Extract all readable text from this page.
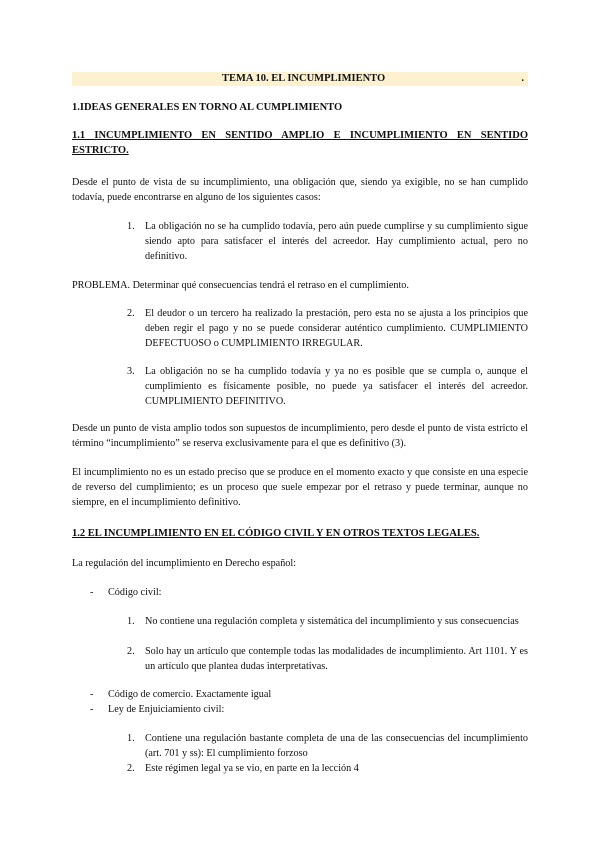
TEMA 10. EL INCUMPLIMIENTO	.
1.IDEAS GENERALES EN TORNO AL CUMPLIMIENTO
1.1 INCUMPLIMIENTO EN SENTIDO AMPLIO E INCUMPLIMIENTO EN SENTIDO ESTRICTO.
Desde el punto de vista de su incumplimiento, una obligación que, siendo ya exigible, no se han cumplido todavía, puede encontrarse en alguno de los siguientes casos:
1. La obligación no se ha cumplido todavía, pero aún puede cumplirse y su cumplimiento sigue siendo apto para satisfacer el interés del acreedor. Hay cumplimiento actual, pero no definitivo.
PROBLEMA. Determinar qué consecuencias tendrá el retraso en el cumplimiento.
2. El deudor o un tercero ha realizado la prestación, pero esta no se ajusta a los principios que deben regir el pago y no se puede considerar auténtico cumplimiento. CUMPLIMIENTO DEFECTUOSO o CUMPLIMIENTO IRREGULAR.
3. La obligación no se ha cumplido todavía y ya no es posible que se cumpla o, aunque el cumplimiento es físicamente posible, no puede ya satisfacer el interés del acreedor. CUMPLIMIENTO DEFINITIVO.
Desde un punto de vista amplio todos son supuestos de incumplimiento, pero desde el punto de vista estricto el término “incumplimiento” se reserva exclusivamente para el que es definitivo (3).
El incumplimiento no es un estado preciso que se produce en el momento exacto y que consiste en una especie de reverso del cumplimiento; es un proceso que suele empezar por el retraso y puede terminar, aunque no siempre, en el incumplimiento definitivo.
1.2 EL INCUMPLIMIENTO EN EL CÓDIGO CIVIL Y EN OTROS TEXTOS LEGALES.
La regulación del incumplimiento en Derecho español:
- Código civil:
1. No contiene una regulación completa y sistemática del incumplimiento y sus consecuencias
2. Solo hay un artículo que contemple todas las modalidades de incumplimiento. Art 1101. Y es un artículo que plantea dudas interpretativas.
- Código de comercio. Exactamente igual
- Ley de Enjuiciamiento civil:
1. Contiene una regulación bastante completa de una de las consecuencias del incumplimiento (art. 701 y ss): El cumplimiento forzoso
2. Este régimen legal ya se vio, en parte en la lección 4
